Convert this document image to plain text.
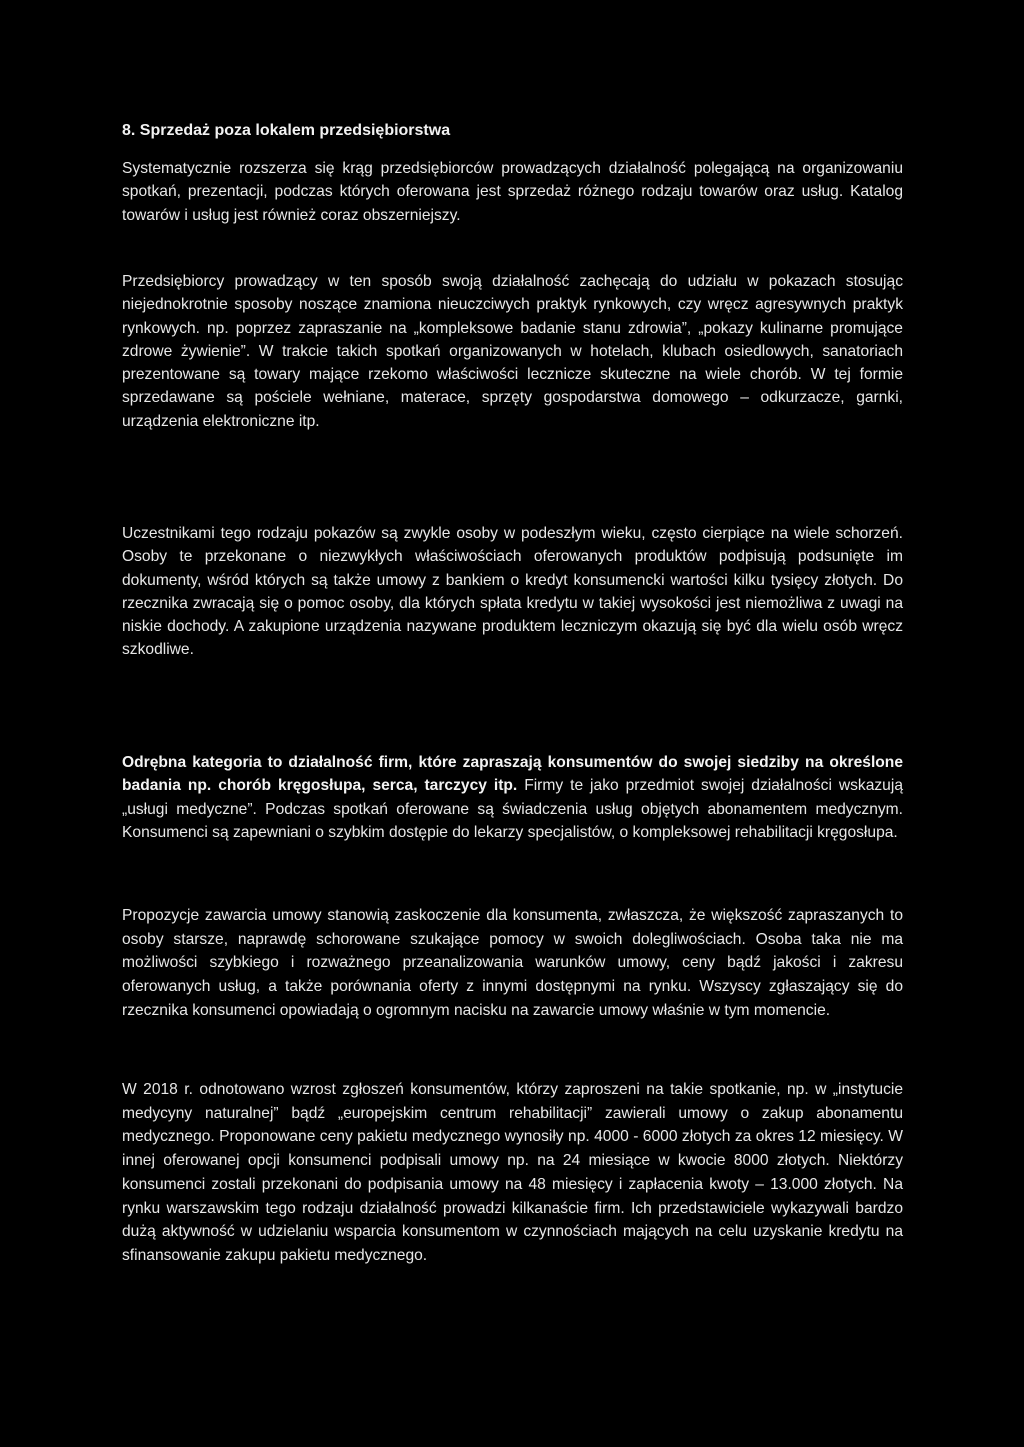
8. Sprzedaż poza lokalem przedsiębiorstwa

Systematycznie rozszerza się krąg przedsiębiorców prowadzących działalność polegającą na organizowaniu spotkań, prezentacji, podczas których oferowana jest sprzedaż różnego rodzaju towarów oraz usług. Katalog towarów i usług jest również coraz obszerniejszy.

Przedsiębiorcy prowadzący w ten sposób swoją działalność zachęcają do udziału w pokazach stosując niejednokrotnie sposoby noszące znamiona nieuczciwych praktyk rynkowych, czy wręcz agresywnych praktyk rynkowych. np. poprzez zapraszanie na „kompleksowe badanie stanu zdrowia”, „pokazy kulinarne promujące zdrowe żywienie”. W trakcie takich spotkań organizowanych w hotelach, klubach osiedlowych, sanatoriach prezentowane są towary mające rzekomo właściwości lecznicze skuteczne na wiele chorób. W tej formie sprzedawane są pościele wełniane, materace, sprzęty gospodarstwa domowego – odkurzacze, garnki, urządzenia elektroniczne itp.

Uczestnikami tego rodzaju pokazów są zwykle osoby w podeszłym wieku, często cierpiące na wiele schorzeń. Osoby te przekonane o niezwykłych właściwościach oferowanych produktów podpisują podsunięte im dokumenty, wśród których są także umowy z bankiem o kredyt konsumencki wartości kilku tysięcy złotych. Do rzecznika zwracają się o pomoc osoby, dla których spłata kredytu w takiej wysokości jest niemożliwa z uwagi na niskie dochody. A zakupione urządzenia nazywane produktem leczniczym okazują się być dla wielu osób wręcz szkodliwe.

Odrębna kategoria to działalność firm, które zapraszają konsumentów do swojej siedziby na określone badania np. chorób kręgosłupa, serca, tarczycy itp. Firmy te jako przedmiot swojej działalności wskazują „usługi medyczne”. Podczas spotkań oferowane są świadczenia usług objętych abonamentem medycznym. Konsumenci są zapewniani o szybkim dostępie do lekarzy specjalistów, o kompleksowej rehabilitacji kręgosłupa.

Propozycje zawarcia umowy stanowią zaskoczenie dla konsumenta, zwłaszcza, że większość zapraszanych to osoby starsze, naprawdę schorowane szukające pomocy w swoich dolegliwościach. Osoba taka nie ma możliwości szybkiego i rozważnego przeanalizowania warunków umowy, ceny bądź jakości i zakresu oferowanych usług, a także porównania oferty z innymi dostępnymi na rynku. Wszyscy zgłaszający się do rzecznika konsumenci opowiadają o ogromnym nacisku na zawarcie umowy właśnie w tym momencie.

W 2018 r. odnotowano wzrost zgłoszeń konsumentów, którzy zaproszeni na takie spotkanie, np. w „instytucie medycyny naturalnej” bądź „europejskim centrum rehabilitacji” zawierali umowy o zakup abonamentu medycznego. Proponowane ceny pakietu medycznego wynosiły np. 4000 - 6000 złotych za okres 12 miesięcy. W innej oferowanej opcji konsumenci podpisali umowy np. na 24 miesiące w kwocie 8000 złotych. Niektórzy konsumenci zostali przekonani do podpisania umowy na 48 miesięcy i zapłacenia kwoty – 13.000 złotych. Na rynku warszawskim tego rodzaju działalność prowadzi kilkanaście firm. Ich przedstawiciele wykazywali bardzo dużą aktywność w udzielaniu wsparcia konsumentom w czynnościach mających na celu uzyskanie kredytu na sfinansowanie zakupu pakietu medycznego.
